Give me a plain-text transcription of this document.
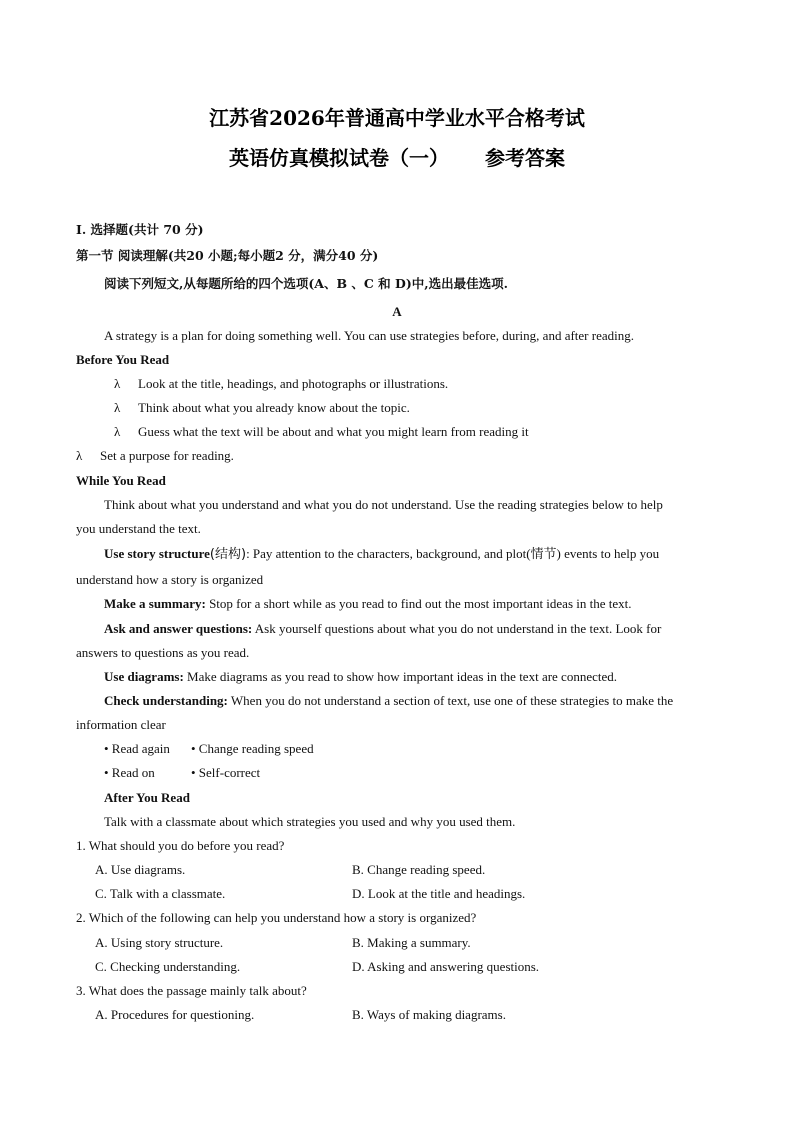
江苏省2026年普通高中学业水平合格考试
英语仿真模拟试卷（一） 参考答案
I. 选择题(共计 70 分)
第一节 阅读理解(共20 小题;每小题2 分，满分40 分)
阅读下列短文,从每题所给的四个选项(A、B 、C 和 D)中,选出最佳选项.
A
A strategy is a plan for doing something well. You can use strategies before, during, and after reading.
Before You Read
λ Look at the title, headings, and photographs or illustrations.
λ Think about what you already know about the topic.
λ Guess what the text will be about and what you might learn from reading it
λ Set a purpose for reading.
While You Read
Think about what you understand and what you do not understand. Use the reading strategies below to help
you understand the text.
Use story structure(结构): Pay attention to the characters, background, and plot(情节) events to help you
understand how a story is organized
Make a summary: Stop for a short while as you read to find out the most important ideas in the text.
Ask and answer questions: Ask yourself questions about what you do not understand in the text. Look for
answers to questions as you read.
Use diagrams: Make diagrams as you read to show how important ideas in the text are connected.
Check understanding: When you do not understand a section of text, use one of these strategies to make the
information clear
• Read again • Change reading speed
• Read on	• Self-correct
After You Read
Talk with a classmate about which strategies you used and why you used them.
1. What should you do before you read?
A. Use diagrams.	B. Change reading speed.
C. Talk with a classmate.	D. Look at the title and headings.
2. Which of the following can help you understand how a story is organized?
A. Using story structure.	B. Making a summary.
C. Checking understanding.	D. Asking and answering questions.
3. What does the passage mainly talk about?
A. Procedures for questioning.	B. Ways of making diagrams.
